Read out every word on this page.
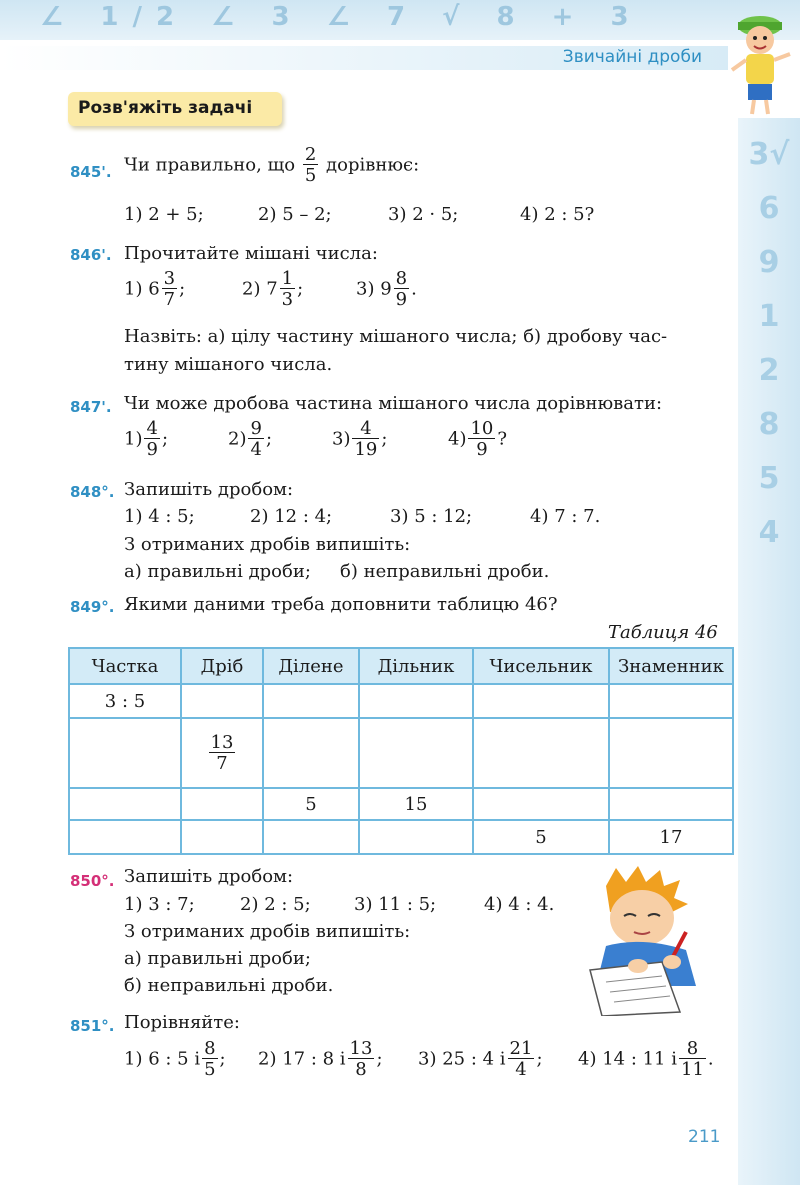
∠ 1/2 ∠ 3 ∠ 7 √ 8 + 3
3√6 9 1 2 8 5 4
Звичайні дроби
Розв'яжіть задачі
845'. Чи правильно, що $\frac{2}{5}$ дорівнює:
1) 2 + 5;	2) 5 – 2;	3) 2 · 5;	4) 2 : 5?
846'. Прочитайте мішані числа:
1) $6 \frac{3}{7}$ ;	2) $7 \frac{1}{3}$ ;	3) $9 \frac{8}{9}$ .
Назвіть: а) цілу частину мішаного числа; б) дробову час-
тину мішаного числа.
847'. Чи може дробова частина мішаного числа дорівнювати:
$1) \frac{4}{9}$ ;	$2) \frac{9}{4}$ ;	$3) \frac{4}{19}$ ;	$4) \frac{10}{9}$ ?
848°. Запишіть дробом:
1) 4 : 5;	2) 12 : 4;	3) 5 : 12;	4) 7 : 7.
З отриманих дробів випишіть:
а) правильні дроби; б) неправильні дроби.
849°. Якими даними треба доповнити таблицю 46?
Таблиця 46
Частка	Дріб	Ділене	Дільник	Чисельник	Знаменник
3 : 5					

	$\frac{13}{7}$

		5	15		
				5	17
850°. Запишіть дробом:
1) 3 : 7;	2) 2 : 5; 3) 11 : 5;	4) 4 : 4.
З отриманих дробів випишіть:
а) правильні дроби;
б) неправильні дроби.
851°. Порівняйте:
1) 6 : 5 і $\frac{8}{5}$ ; 2) 17 : 8 і $\frac{13}{8}$ ; 3) 25 : 4 і $\frac{21}{4}$ ; 4) 14 : 11 і $\frac{8}{11}$ .
211
